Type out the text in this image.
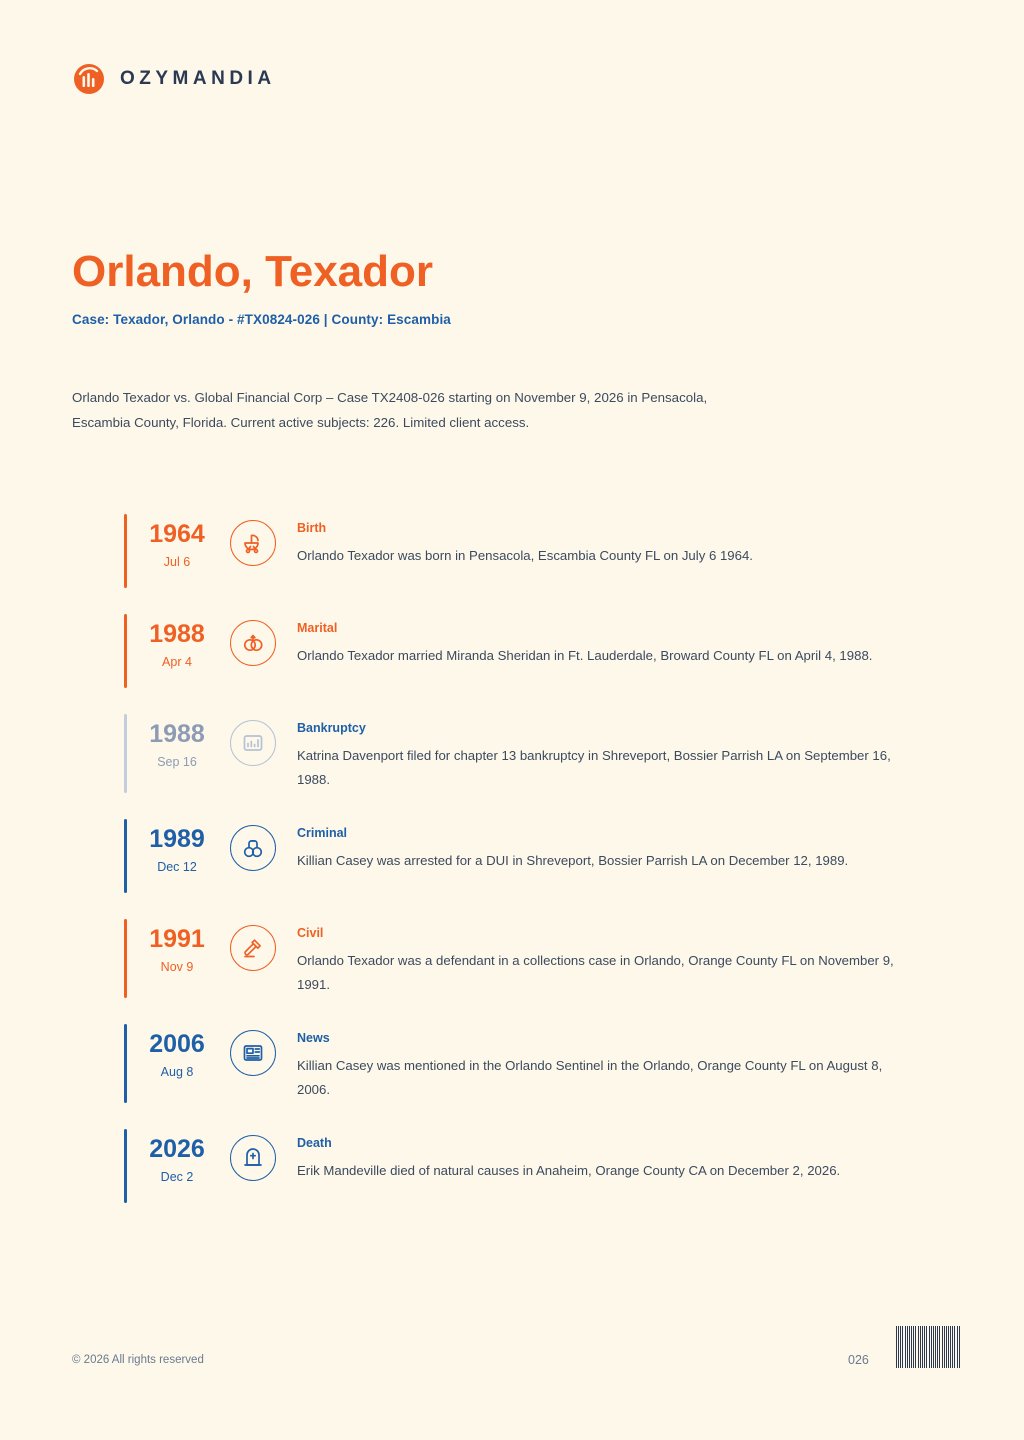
OZYMANDIA
Orlando, Texador
Case: Texador, Orlando - #TX0824-026 | County: Escambia
Orlando Texador vs. Global Financial Corp – Case TX2408-026 starting on November 9, 2026 in Pensacola, Escambia County, Florida. Current active subjects: 226. Limited client access.
1964
Jul 6
Birth
Orlando Texador was born in Pensacola, Escambia County FL on July 6 1964.
1988
Apr 4
Marital
Orlando Texador married Miranda Sheridan in Ft. Lauderdale, Broward County FL on April 4, 1988.
1988
Sep 16
Bankruptcy
Katrina Davenport filed for chapter 13 bankruptcy in Shreveport, Bossier Parrish LA on September 16, 1988.
1989
Dec 12
Criminal
Killian Casey was arrested for a DUI in Shreveport, Bossier Parrish LA on December 12, 1989.
1991
Nov 9
Civil
Orlando Texador was a defendant in a collections case in Orlando, Orange County FL on November 9, 1991.
2006
Aug 8
News
Killian Casey was mentioned in the Orlando Sentinel in the Orlando, Orange County FL on August 8, 2006.
2026
Dec 2
Death
Erik Mandeville died of natural causes in Anaheim, Orange County CA on December 2, 2026.
© 2026 All rights reserved	026
